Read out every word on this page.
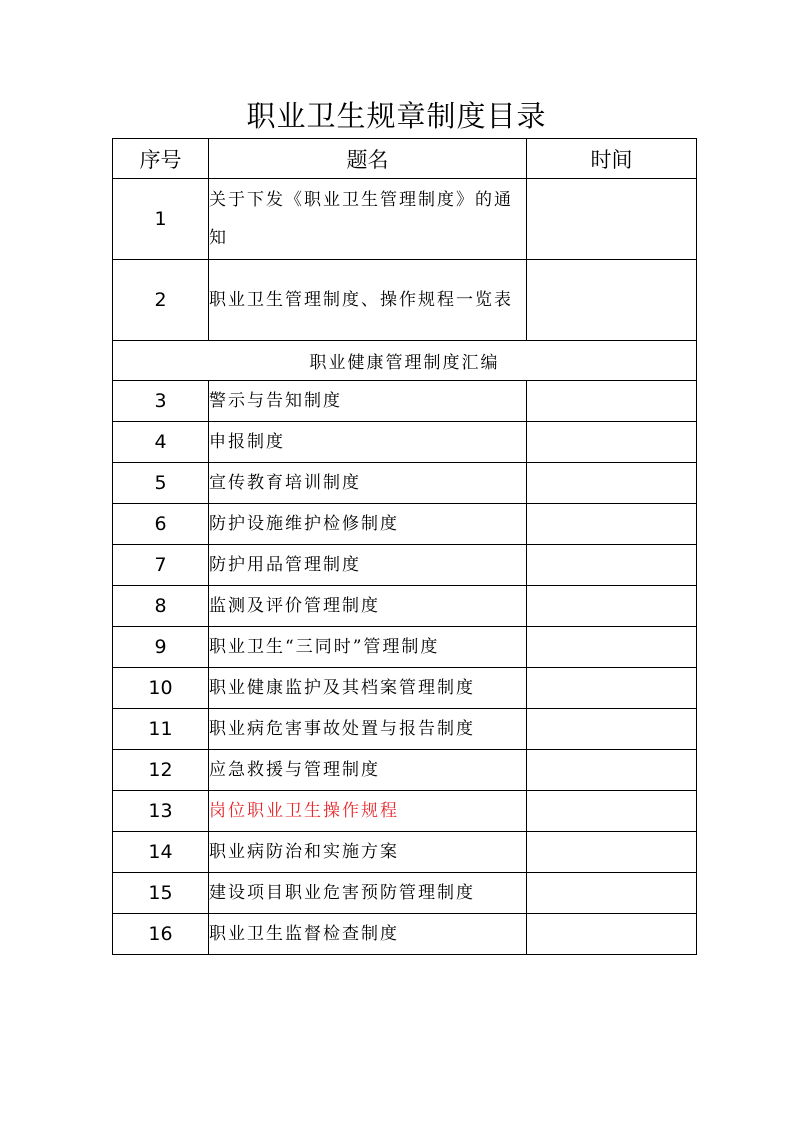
职业卫生规章制度目录
序号	题名	时间
1	关于下发《职业卫生管理制度》的通知	
2	职业卫生管理制度、操作规程一览表	
职业健康管理制度汇编		
3	警示与告知制度	
4	申报制度	
5	宣传教育培训制度	
6	防护设施维护检修制度	
7	防护用品管理制度	
8	监测及评价管理制度	
9	职业卫生“三同时”管理制度	
10	职业健康监护及其档案管理制度	
11	职业病危害事故处置与报告制度	
12	应急救援与管理制度	
13	岗位职业卫生操作规程	
14	职业病防治和实施方案	
15	建设项目职业危害预防管理制度	
16	职业卫生监督检查制度	
